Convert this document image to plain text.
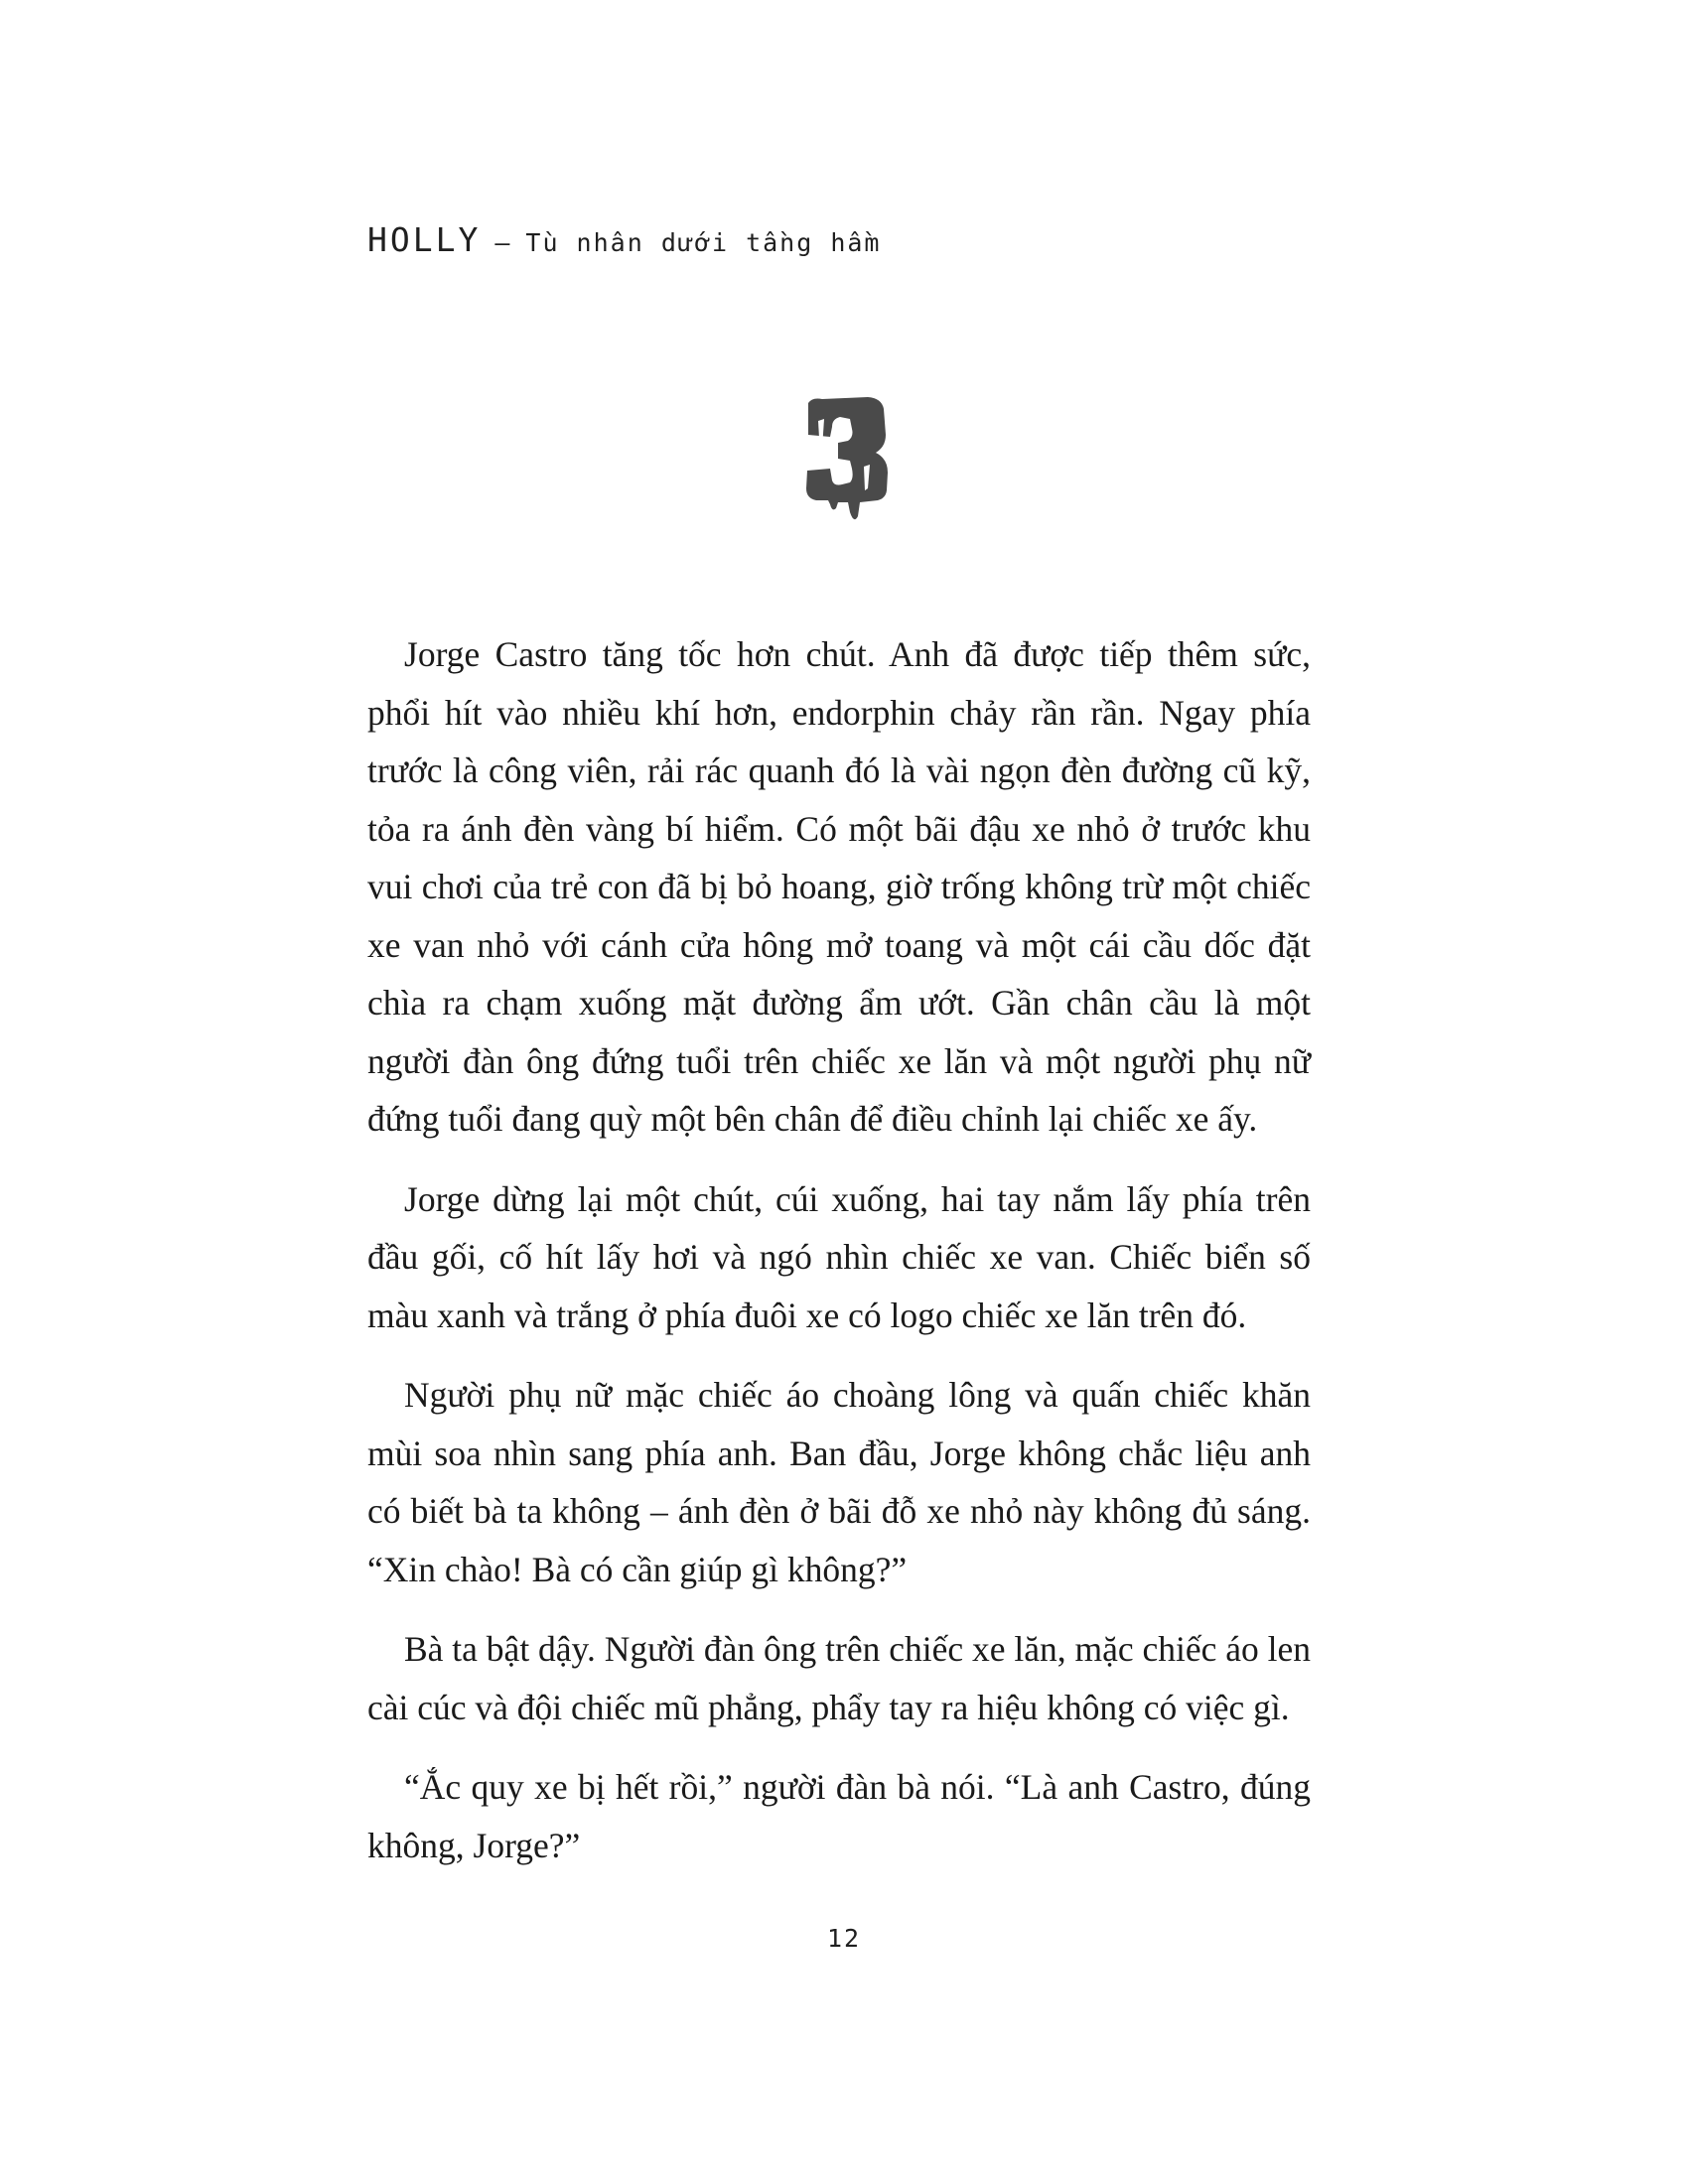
HOLLY – Tù nhân dưới tầng hầm

Jorge Castro tăng tốc hơn chút. Anh đã được tiếp thêm sức, phổi hít vào nhiều khí hơn, endorphin chảy rần rần. Ngay phía trước là công viên, rải rác quanh đó là vài ngọn đèn đường cũ kỹ, tỏa ra ánh đèn vàng bí hiểm. Có một bãi đậu xe nhỏ ở trước khu vui chơi của trẻ con đã bị bỏ hoang, giờ trống không trừ một chiếc xe van nhỏ với cánh cửa hông mở toang và một cái cầu dốc đặt chìa ra chạm xuống mặt đường ẩm ướt. Gần chân cầu là một người đàn ông đứng tuổi trên chiếc xe lăn và một người phụ nữ đứng tuổi đang quỳ một bên chân để điều chỉnh lại chiếc xe ấy.

Jorge dừng lại một chút, cúi xuống, hai tay nắm lấy phía trên đầu gối, cố hít lấy hơi và ngó nhìn chiếc xe van. Chiếc biển số màu xanh và trắng ở phía đuôi xe có logo chiếc xe lăn trên đó.

Người phụ nữ mặc chiếc áo choàng lông và quấn chiếc khăn mùi soa nhìn sang phía anh. Ban đầu, Jorge không chắc liệu anh có biết bà ta không – ánh đèn ở bãi đỗ xe nhỏ này không đủ sáng. “Xin chào! Bà có cần giúp gì không?”

Bà ta bật dậy. Người đàn ông trên chiếc xe lăn, mặc chiếc áo len cài cúc và đội chiếc mũ phẳng, phẩy tay ra hiệu không có việc gì.

“Ắc quy xe bị hết rồi,” người đàn bà nói. “Là anh Castro, đúng không, Jorge?”

12
